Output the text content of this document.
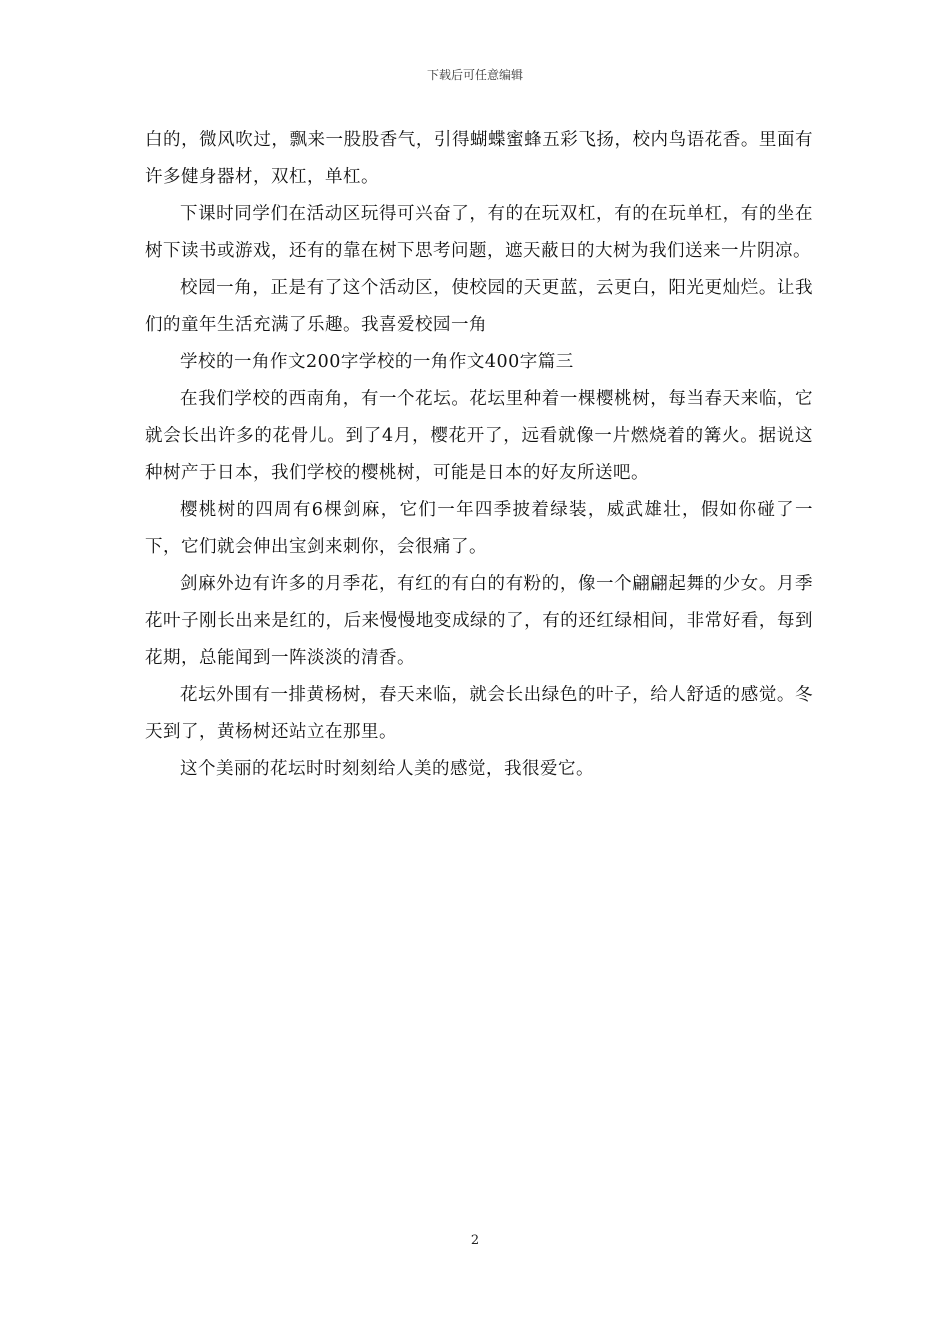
下载后可任意编辑

白的，微风吹过，飘来一股股香气，引得蝴蝶蜜蜂五彩飞扬，校内鸟语花香。里面有许多健身器材，双杠，单杠。

下课时同学们在活动区玩得可兴奋了，有的在玩双杠，有的在玩单杠，有的坐在树下读书或游戏，还有的靠在树下思考问题，遮天蔽日的大树为我们送来一片阴凉。

校园一角，正是有了这个活动区，使校园的天更蓝，云更白，阳光更灿烂。让我们的童年生活充满了乐趣。我喜爱校园一角

学校的一角作文200字学校的一角作文400字篇三

在我们学校的西南角，有一个花坛。花坛里种着一棵樱桃树，每当春天来临，它就会长出许多的花骨儿。到了4月，樱花开了，远看就像一片燃烧着的篝火。据说这种树产于日本，我们学校的樱桃树，可能是日本的好友所送吧。

樱桃树的四周有6棵剑麻，它们一年四季披着绿装，威武雄壮，假如你碰了一下，它们就会伸出宝剑来刺你，会很痛了。

剑麻外边有许多的月季花，有红的有白的有粉的，像一个翩翩起舞的少女。月季花叶子刚长出来是红的，后来慢慢地变成绿的了，有的还红绿相间，非常好看，每到花期，总能闻到一阵淡淡的清香。

花坛外围有一排黄杨树，春天来临，就会长出绿色的叶子，给人舒适的感觉。冬天到了，黄杨树还站立在那里。

这个美丽的花坛时时刻刻给人美的感觉，我很爱它。

2
